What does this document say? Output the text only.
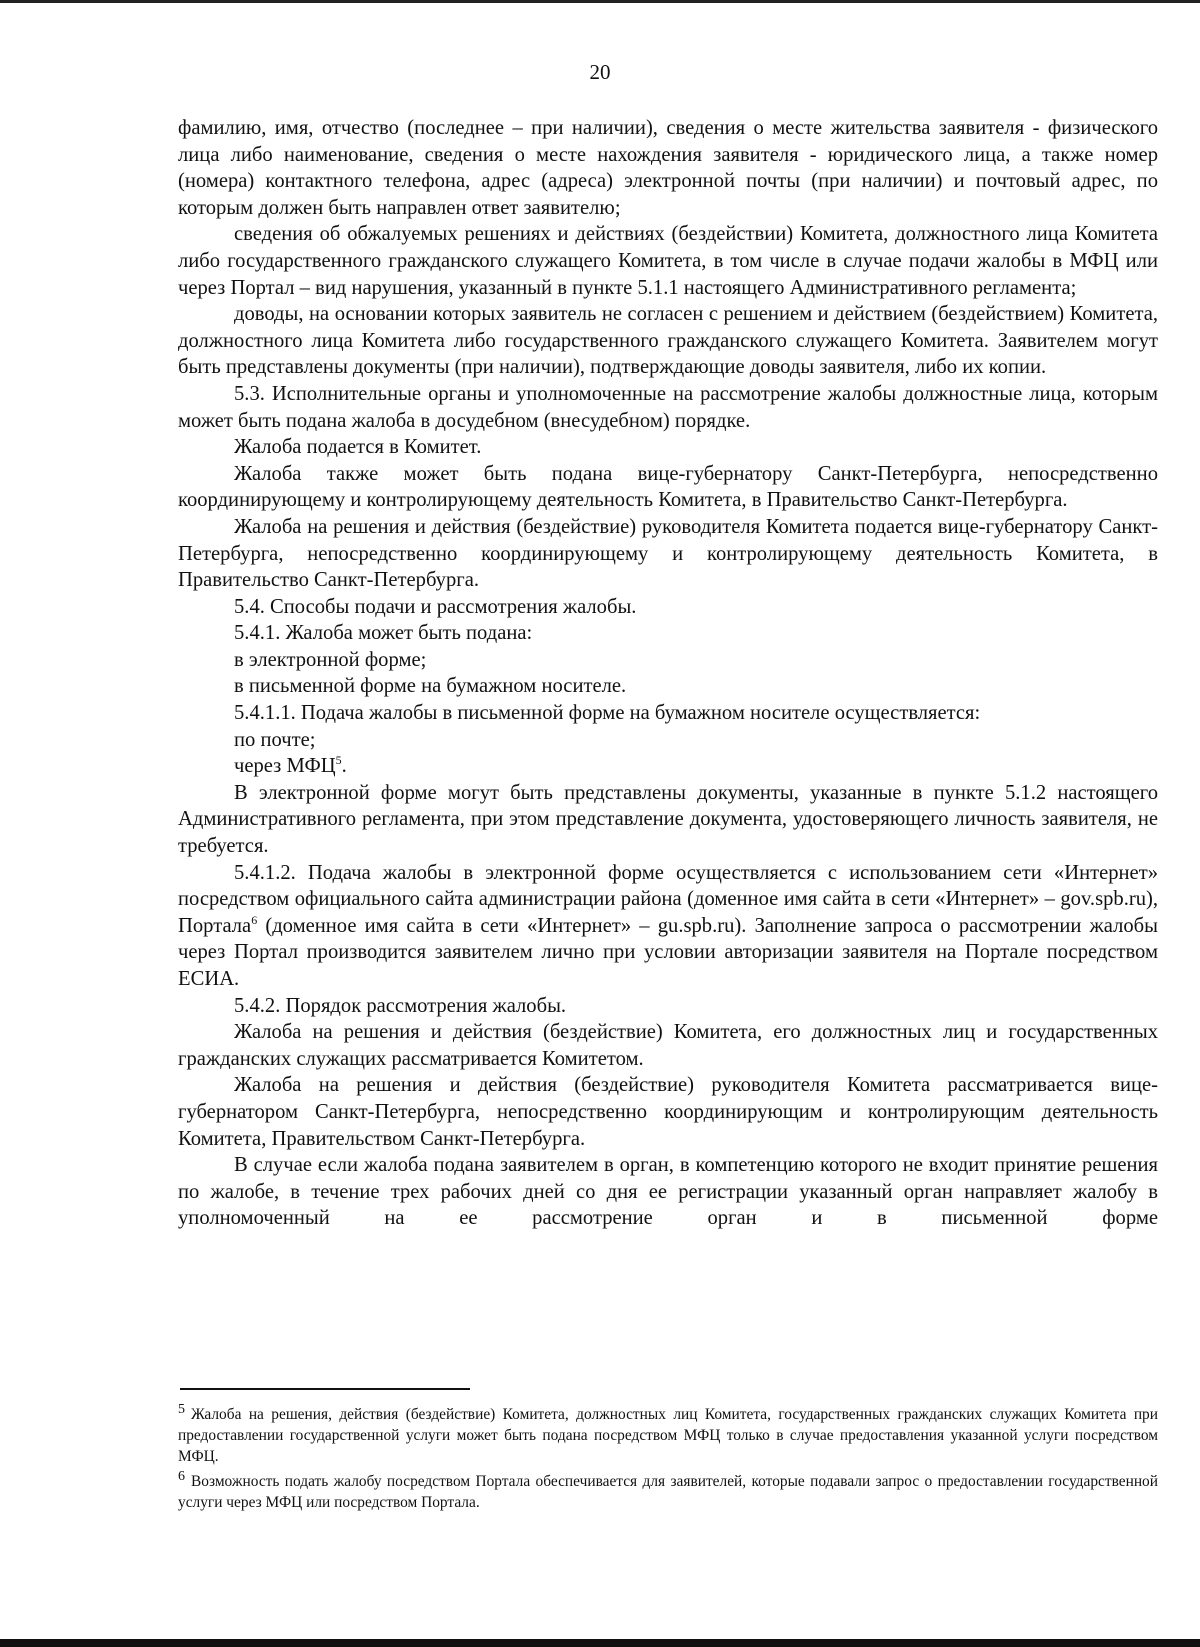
20

фамилию, имя, отчество (последнее – при наличии), сведения о месте жительства заявителя - физического лица либо наименование, сведения о месте нахождения заявителя - юридического лица, а также номер (номера) контактного телефона, адрес (адреса) электронной почты (при наличии) и почтовый адрес, по которым должен быть направлен ответ заявителю;

сведения об обжалуемых решениях и действиях (бездействии) Комитета, должностного лица Комитета либо государственного гражданского служащего Комитета, в том числе в случае подачи жалобы в МФЦ или через Портал – вид нарушения, указанный в пункте 5.1.1 настоящего Административного регламента;

доводы, на основании которых заявитель не согласен с решением и действием (бездействием) Комитета, должностного лица Комитета либо государственного гражданского служащего Комитета. Заявителем могут быть представлены документы (при наличии), подтверждающие доводы заявителя, либо их копии.

5.3. Исполнительные органы и уполномоченные на рассмотрение жалобы должностные лица, которым может быть подана жалоба в досудебном (внесудебном) порядке.

Жалоба подается в Комитет.

Жалоба также может быть подана вице-губернатору Санкт-Петербурга, непосредственно координирующему и контролирующему деятельность Комитета, в Правительство Санкт-Петербурга.

Жалоба на решения и действия (бездействие) руководителя Комитета подается вице-губернатору Санкт-Петербурга, непосредственно координирующему и контролирующему деятельность Комитета, в Правительство Санкт-Петербурга.

5.4. Способы подачи и рассмотрения жалобы.

5.4.1. Жалоба может быть подана:

в электронной форме;

в письменной форме на бумажном носителе.

5.4.1.1. Подача жалобы в письменной форме на бумажном носителе осуществляется:

по почте;

через МФЦ$^5$.

В электронной форме могут быть представлены документы, указанные в пункте 5.1.2 настоящего Административного регламента, при этом представление документа, удостоверяющего личность заявителя, не требуется.

5.4.1.2. Подача жалобы в электронной форме осуществляется с использованием сети «Интернет» посредством официального сайта администрации района (доменное имя сайта в сети «Интернет» – gov.spb.ru), Портала$^6$ (доменное имя сайта в сети «Интернет» – gu.spb.ru). Заполнение запроса о рассмотрении жалобы через Портал производится заявителем лично при условии авторизации заявителя на Портале посредством ЕСИА.

5.4.2. Порядок рассмотрения жалобы.

Жалоба на решения и действия (бездействие) Комитета, его должностных лиц и государственных гражданских служащих рассматривается Комитетом.

Жалоба на решения и действия (бездействие) руководителя Комитета рассматривается вице-губернатором Санкт-Петербурга, непосредственно координирующим и контролирующим деятельность Комитета, Правительством Санкт-Петербурга.

В случае если жалоба подана заявителем в орган, в компетенцию которого не входит принятие решения по жалобе, в течение трех рабочих дней со дня ее регистрации указанный орган направляет жалобу в уполномоченный на ее рассмотрение орган и в письменной форме

$^5$ Жалоба на решения, действия (бездействие) Комитета, должностных лиц Комитета, государственных гражданских служащих Комитета при предоставлении государственной услуги может быть подана посредством МФЦ только в случае предоставления указанной услуги посредством МФЦ.

$^6$ Возможность подать жалобу посредством Портала обеспечивается для заявителей, которые подавали запрос о предоставлении государственной услуги через МФЦ или посредством Портала.
